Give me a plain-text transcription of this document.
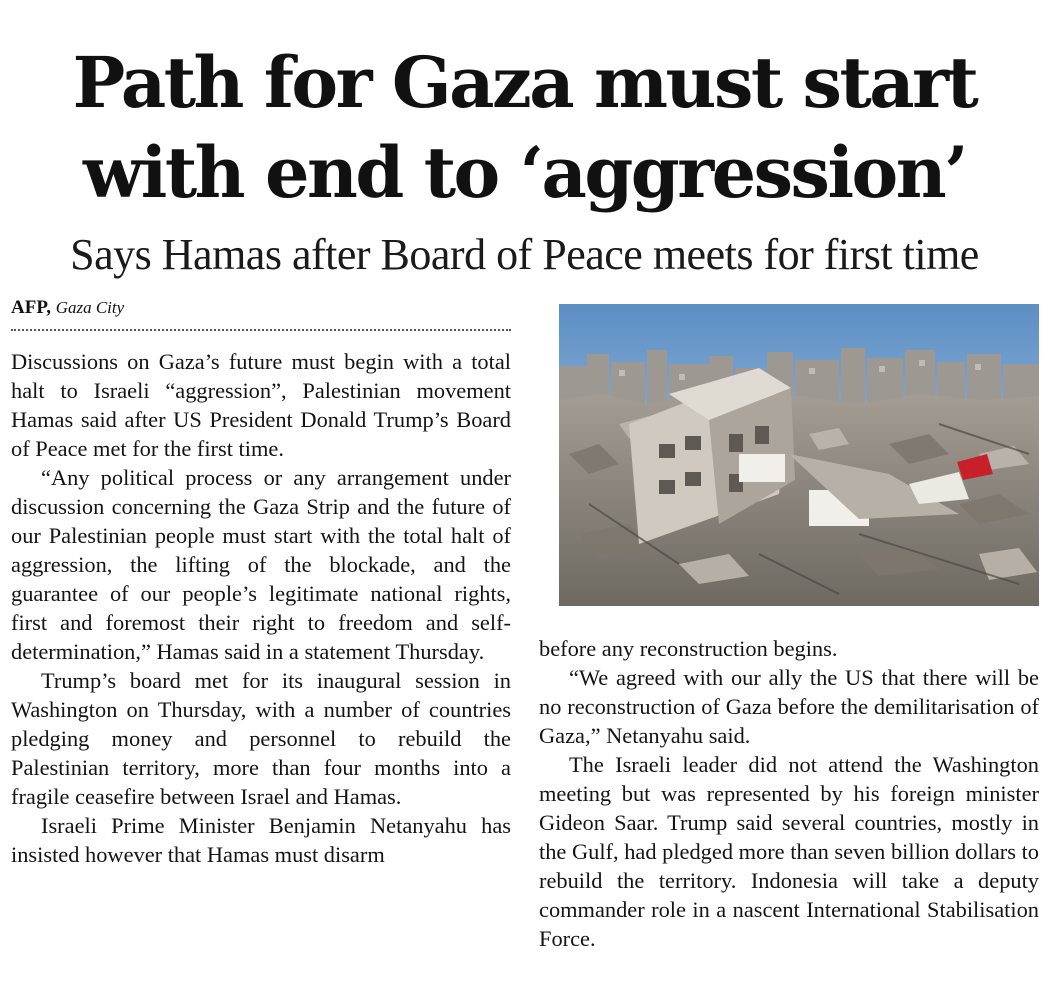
Path for Gaza must start
with end to ‘aggression’
Says Hamas after Board of Peace meets for first time
AFP, Gaza City

Discussions on Gaza’s future must begin with a total halt to Israeli “aggression”, Palestinian movement Hamas said after US President Donald Trump’s Board of Peace met for the first time.

“Any political process or any arrangement under discussion concerning the Gaza Strip and the future of our Palestinian people must start with the total halt of aggression, the lifting of the blockade, and the guarantee of our people’s legitimate national rights, first and foremost their right to freedom and self-determination,” Hamas said in a statement Thursday.

Trump’s board met for its inaugural session in Washington on Thursday, with a number of countries pledging money and personnel to rebuild the Palestinian territory, more than four months into a fragile ceasefire between Israel and Hamas.

Israeli Prime Minister Benjamin Netanyahu has insisted however that Hamas must disarm

before any reconstruction begins.

“We agreed with our ally the US that there will be no reconstruction of Gaza before the demilitarisation of Gaza,” Netanyahu said.

The Israeli leader did not attend the Washington meeting but was represented by his foreign minister Gideon Saar. Trump said several countries, mostly in the Gulf, had pledged more than seven billion dollars to rebuild the territory. Indonesia will take a deputy commander role in a nascent International Stabilisation Force.
